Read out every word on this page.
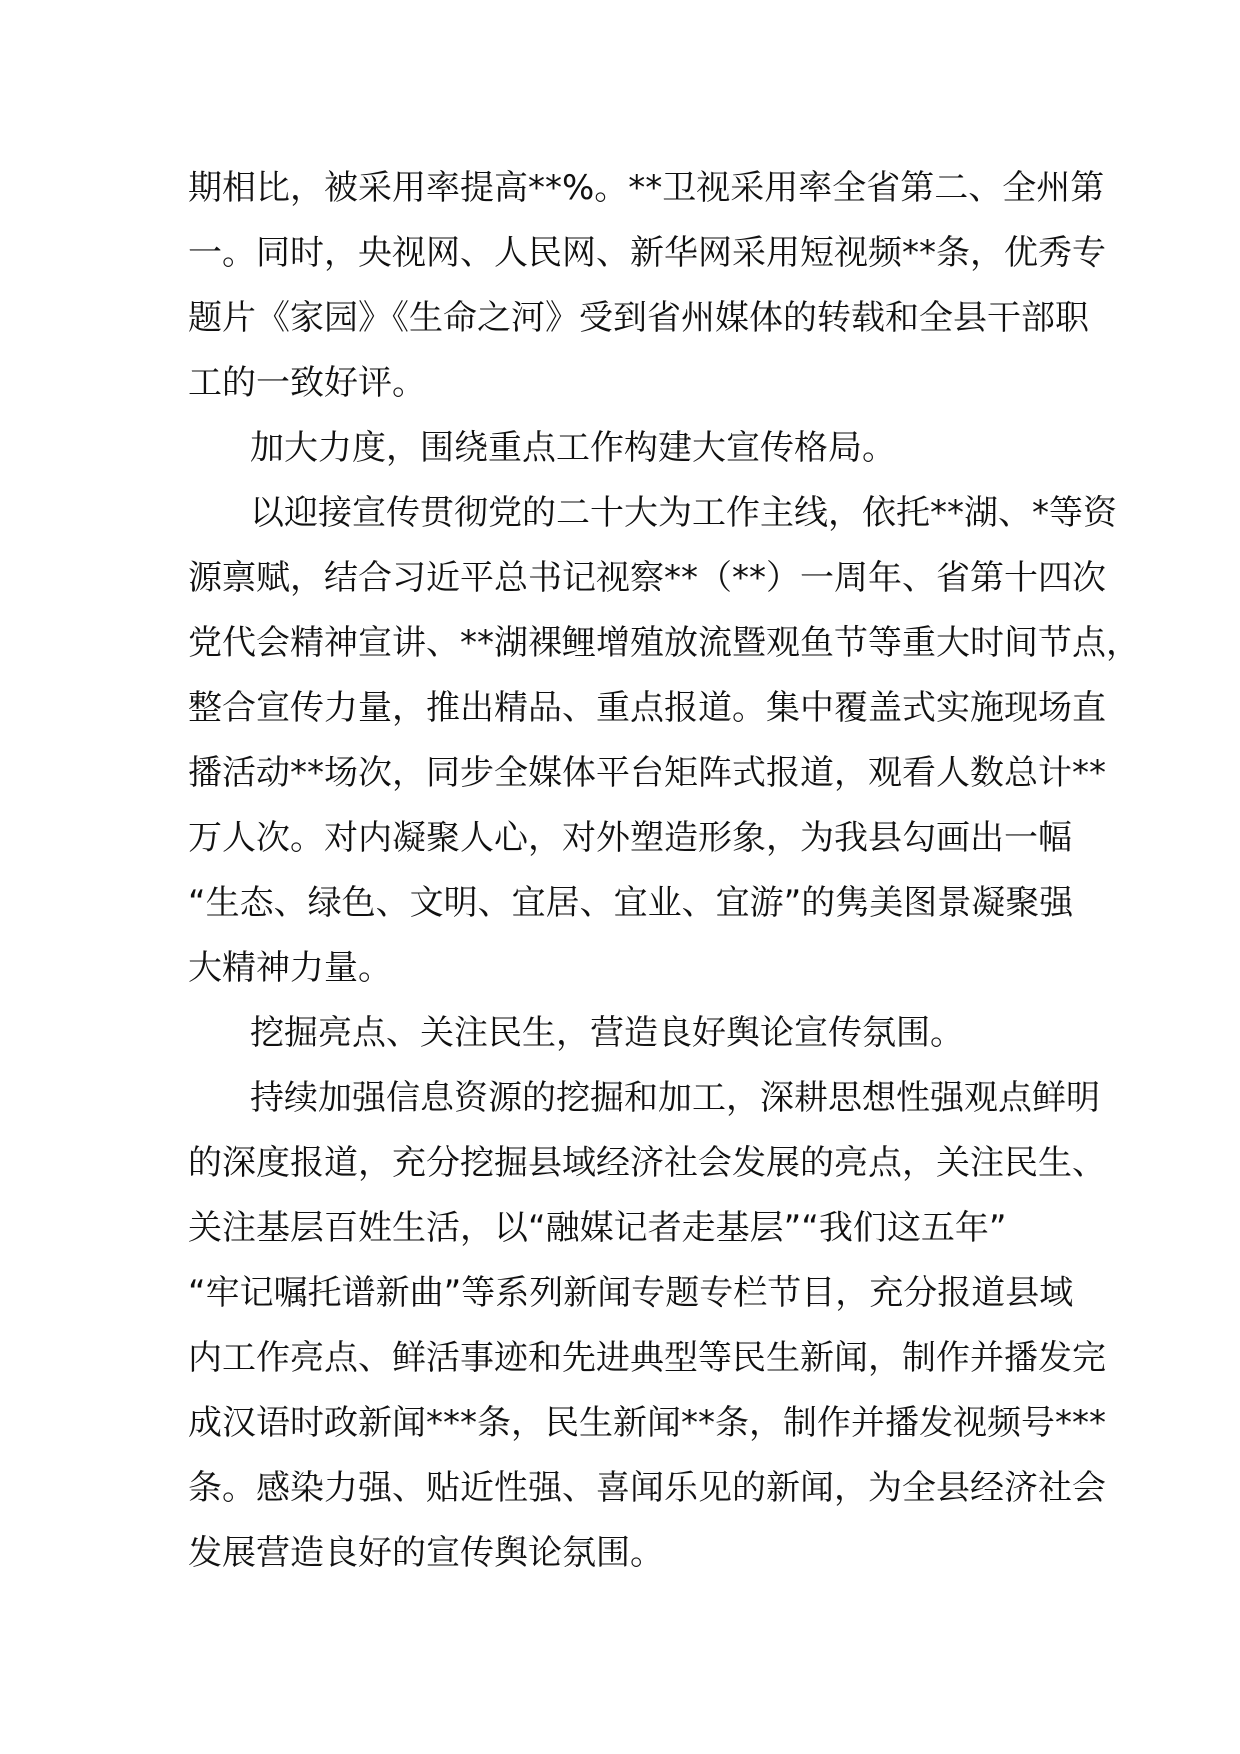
期相比，被采用率提高**%。**卫视采用率全省第二、全州第
一。同时，央视网、人民网、新华网采用短视频**条，优秀专
题片《家园》《生命之河》受到省州媒体的转载和全县干部职
工的一致好评。
加大力度，围绕重点工作构建大宣传格局。
以迎接宣传贯彻党的二十大为工作主线，依托**湖、*等资
源禀赋，结合习近平总书记视察**（**）一周年、省第十四次
党代会精神宣讲、**湖裸鲤增殖放流暨观鱼节等重大时间节点，
整合宣传力量，推出精品、重点报道。集中覆盖式实施现场直
播活动**场次，同步全媒体平台矩阵式报道，观看人数总计**
万人次。对内凝聚人心，对外塑造形象，为我县勾画出一幅
“生态、绿色、文明、宜居、宜业、宜游”的隽美图景凝聚强
大精神力量。
挖掘亮点、关注民生，营造良好舆论宣传氛围。
持续加强信息资源的挖掘和加工，深耕思想性强观点鲜明
的深度报道，充分挖掘县域经济社会发展的亮点，关注民生、
关注基层百姓生活，以“融媒记者走基层”“我们这五年”
“牢记嘱托谱新曲”等系列新闻专题专栏节目，充分报道县域
内工作亮点、鲜活事迹和先进典型等民生新闻，制作并播发完
成汉语时政新闻***条，民生新闻**条，制作并播发视频号***
条。感染力强、贴近性强、喜闻乐见的新闻，为全县经济社会
发展营造良好的宣传舆论氛围。
